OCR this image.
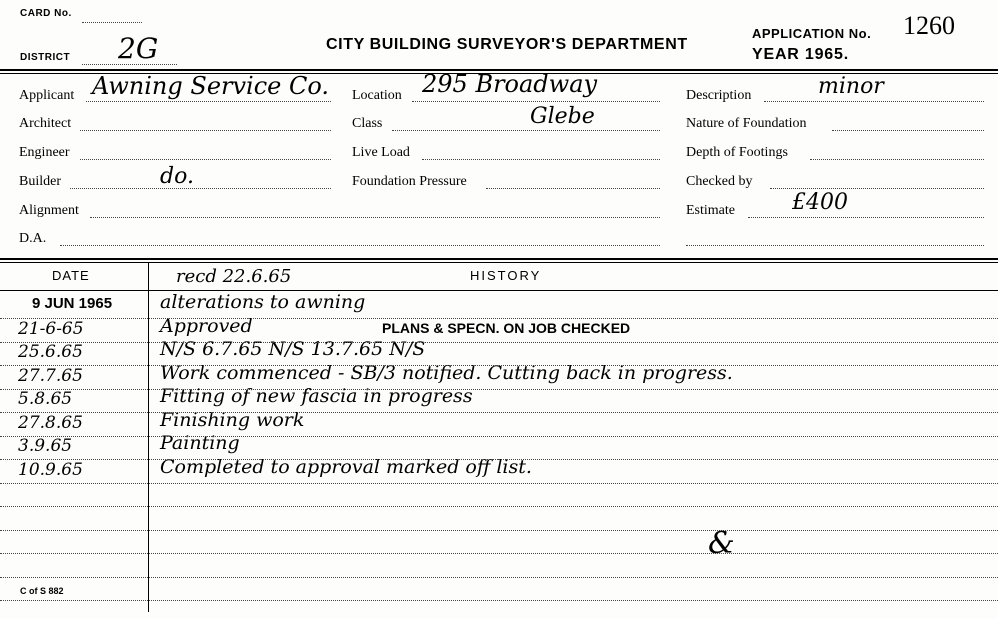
CARD No.
DISTRICT 2G	CITY BUILDING SURVEYOR'S DEPARTMENT
APPLICATION No. 1260
YEAR 1965.
Applicant Awning Service Co.
Architect
Engineer
Builder	do.
Alignment
D.A.
Location 295 Broadway
Class	Glebe
Live Load
Foundation Pressure
Description	minor
Nature of Foundation
Depth of Footings
Checked by
Estimate	£400
DATE	HISTORY
recd 22.6.65
9 JUN 1965	alterations to awning
21-6-65	Approved	PLANS & SPECN. ON JOB CHECKED
25.6.65	N/S 6.7.65 N/S 13.7.65 N/S
27.7.65	Work commenced - SB/3 notified. Cutting back in progress.
5.8.65	Fitting of new fascia in progress
27.8.65	Finishing work
3.9.65	Painting
10.9.65	Completed to approval marked off list.
&
C of S 882
